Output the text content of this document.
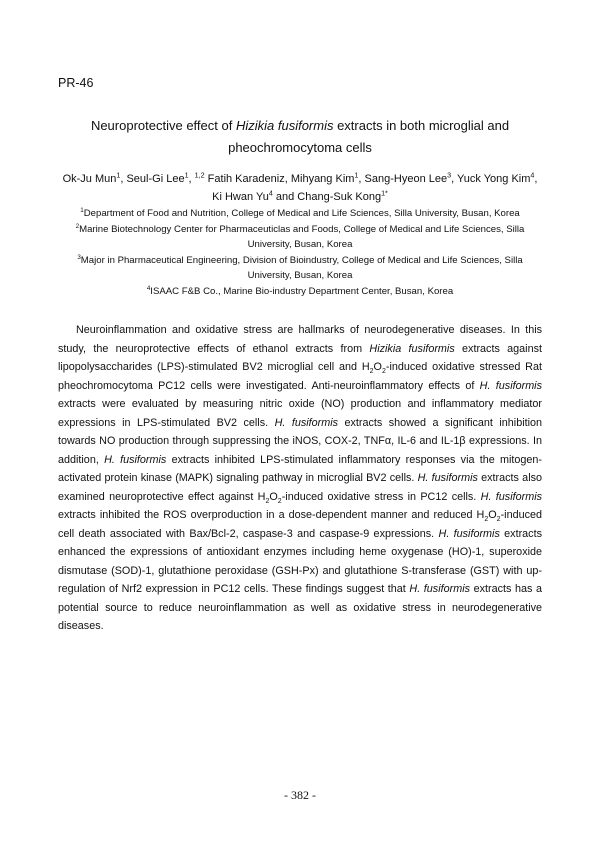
PR-46
Neuroprotective effect of Hizikia fusiformis extracts in both microglial and pheochromocytoma cells
Ok-Ju Mun$^1$, Seul-Gi Lee$^1$, $^{1,2}$ Fatih Karadeniz, Mihyang Kim$^1$, Sang-Hyeon Lee$^3$, Yuck Yong Kim$^4$, Ki Hwan Yu$^4$ and Chang-Suk Kong$^{1*}$
$^1$Department of Food and Nutrition, College of Medical and Life Sciences, Silla University, Busan, Korea
$^2$Marine Biotechnology Center for Pharmaceuticlas and Foods, College of Medical and Life Sciences, Silla University, Busan, Korea
$^3$Major in Pharmaceutical Engineering, Division of Bioindustry, College of Medical and Life Sciences, Silla University, Busan, Korea
$^4$ISAAC F&B Co., Marine Bio-industry Department Center, Busan, Korea

Neuroinflammation and oxidative stress are hallmarks of neurodegenerative diseases. In this study, the neuroprotective effects of ethanol extracts from Hizikia fusiformis extracts against lipopolysaccharides (LPS)-stimulated BV2 microglial cell and $H_2O_2$-induced oxidative stressed Rat pheochromocytoma PC12 cells were investigated. Anti-neuroinflammatory effects of H. fusiformis extracts were evaluated by measuring nitric oxide (NO) production and inflammatory mediator expressions in LPS-stimulated BV2 cells. H. fusiformis extracts showed a significant inhibition towards NO production through suppressing the iNOS, COX-2, TNFα, IL-6 and IL-1β expressions. In addition, H. fusiformis extracts inhibited LPS-stimulated inflammatory responses via the mitogen-activated protein kinase (MAPK) signaling pathway in microglial BV2 cells. H. fusiformis extracts also examined neuroprotective effect against $H_2O_2$-induced oxidative stress in PC12 cells. H. fusiformis extracts inhibited the ROS overproduction in a dose-dependent manner and reduced $H_2O_2$-induced cell death associated with Bax/Bcl-2, caspase-3 and caspase-9 expressions. H. fusiformis extracts enhanced the expressions of antioxidant enzymes including heme oxygenase (HO)-1, superoxide dismutase (SOD)-1, glutathione peroxidase (GSH-Px) and glutathione S-transferase (GST) with up-regulation of Nrf2 expression in PC12 cells. These findings suggest that H. fusiformis extracts has a potential source to reduce neuroinflammation as well as oxidative stress in neurodegenerative diseases.

- 382 -
